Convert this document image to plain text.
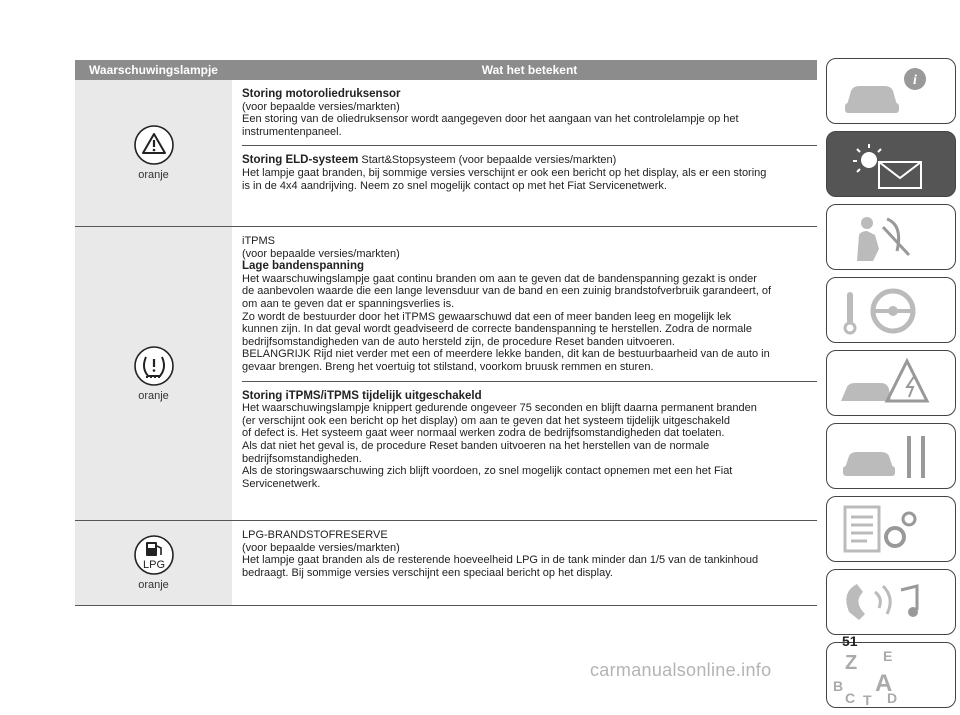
Waarschuwingslampje	Wat het betekent
oranje
Storing motoroliedruksensor
(voor bepaalde versies/markten)
Een storing van de oliedruksensor wordt aangegeven door het aangaan van het controlelampje op het
instrumentenpaneel.
Storing ELD-systeem Start&Stopsysteem (voor bepaalde versies/markten)
Het lampje gaat branden, bij sommige versies verschijnt er ook een bericht op het display, als er een storing
is in de 4x4 aandrijving. Neem zo snel mogelijk contact op met het Fiat Servicenetwerk.
oranje
iTPMS
(voor bepaalde versies/markten)
Lage bandenspanning
Het waarschuwingslampje gaat continu branden om aan te geven dat de bandenspanning gezakt is onder
de aanbevolen waarde die een lange levensduur van de band en een zuinig brandstofverbruik garandeert, of
om aan te geven dat er spanningsverlies is.
Zo wordt de bestuurder door het iTPMS gewaarschuwd dat een of meer banden leeg en mogelijk lek
kunnen zijn. In dat geval wordt geadviseerd de correcte bandenspanning te herstellen. Zodra de normale
bedrijfsomstandigheden van de auto hersteld zijn, de procedure Reset banden uitvoeren.
BELANGRIJK Rijd niet verder met een of meerdere lekke banden, dit kan de bestuurbaarheid van de auto in
gevaar brengen. Breng het voertuig tot stilstand, voorkom bruusk remmen en sturen.
Storing iTPMS/iTPMS tijdelijk uitgeschakeld
Het waarschuwingslampje knippert gedurende ongeveer 75 seconden en blijft daarna permanent branden
(er verschijnt ook een bericht op het display) om aan te geven dat het systeem tijdelijk uitgeschakeld
of defect is. Het systeem gaat weer normaal werken zodra de bedrijfsomstandigheden dat toelaten.
Als dat niet het geval is, de procedure Reset banden uitvoeren na het herstellen van de normale
bedrijfsomstandigheden.
Als de storingswaarschuwing zich blijft voordoen, zo snel mogelijk contact opnemen met een het Fiat
Servicenetwerk.
LPG
oranje
LPG-BRANDSTOFRESERVE
(voor bepaalde versies/markten)
Het lampje gaat branden als de resterende hoeveelheid LPG in de tank minder dan 1/5 van de tankinhoud
bedraagt. Bij sommige versies verschijnt een speciaal bericht op het display.
i
Z E
B A
C T D
51
carmanualsonline.info
